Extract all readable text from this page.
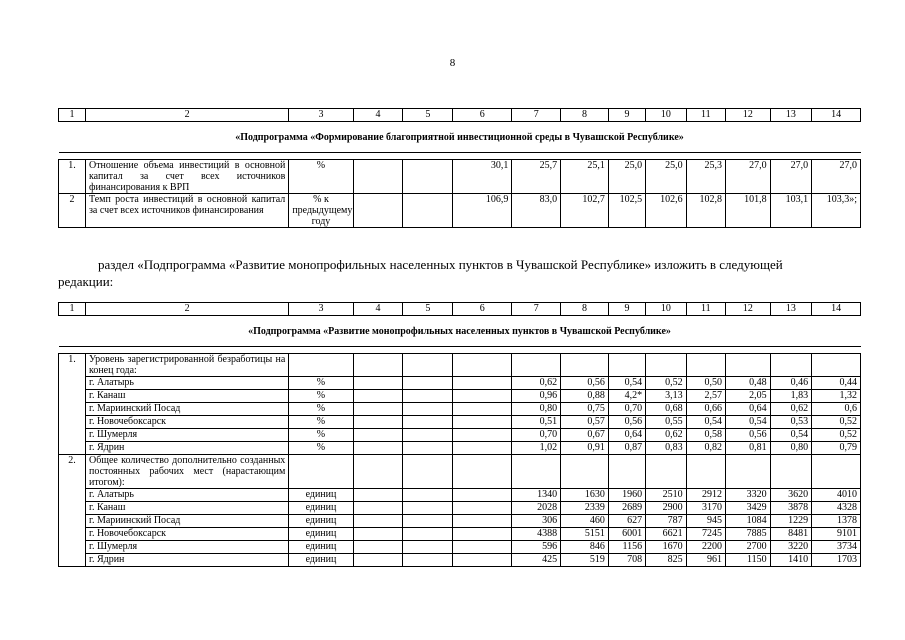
8
1	2	3	4	5	6	7	8	9	10	11	12	13	14
«Подпрограмма «Формирование благоприятной инвестиционной среды в Чувашской Республике»													

1.	Отношение объема инвестиций в основной капитал за счет всех источников финансирования к ВРП	%			30,1	25,7	25,1	25,0	25,0	25,3	27,0	27,0	27,0
2	Темп роста инвестиций в основной капитал за счет всех источников финансирования	% к предыдущему году			106,9	83,0	102,7	102,5	102,6	102,8	101,8	103,1	103,3»;
раздел «Подпрограмма «Развитие монопрофильных населенных пунктов в Чувашской Республике» изложить в следующей
редакции:
1	2	3	4	5	6	7	8	9	10	11	12	13	14
«Подпрограмма «Развитие монопрофильных населенных пунктов в Чувашской Республике»													

1.	Уровень зарегистрированной безработицы на конец года:												
	г. Алатырь	%				0,62	0,56	0,54	0,52	0,50	0,48	0,46	0,44
	г. Канаш	%				0,96	0,88	4,2*	3,13	2,57	2,05	1,83	1,32
	г. Мариинский Посад	%				0,80	0,75	0,70	0,68	0,66	0,64	0,62	0,6
	г. Новочебоксарск	%				0,51	0,57	0,56	0,55	0,54	0,54	0,53	0,52
	г. Шумерля	%				0,70	0,67	0,64	0,62	0,58	0,56	0,54	0,52
	г. Ядрин	%				1,02	0,91	0,87	0,83	0,82	0,81	0,80	0,79
2.	Общее количество дополнительно созданных постоянных рабочих мест (нарастающим итогом):												
	г. Алатырь	единиц				1340	1630	1960	2510	2912	3320	3620	4010
	г. Канаш	единиц				2028	2339	2689	2900	3170	3429	3878	4328
	г. Мариинский Посад	единиц				306	460	627	787	945	1084	1229	1378
	г. Новочебоксарск	единиц				4388	5151	6001	6621	7245	7885	8481	9101
	г. Шумерля	единиц				596	846	1156	1670	2200	2700	3220	3734
	г. Ядрин	единиц				425	519	708	825	961	1150	1410	1703
